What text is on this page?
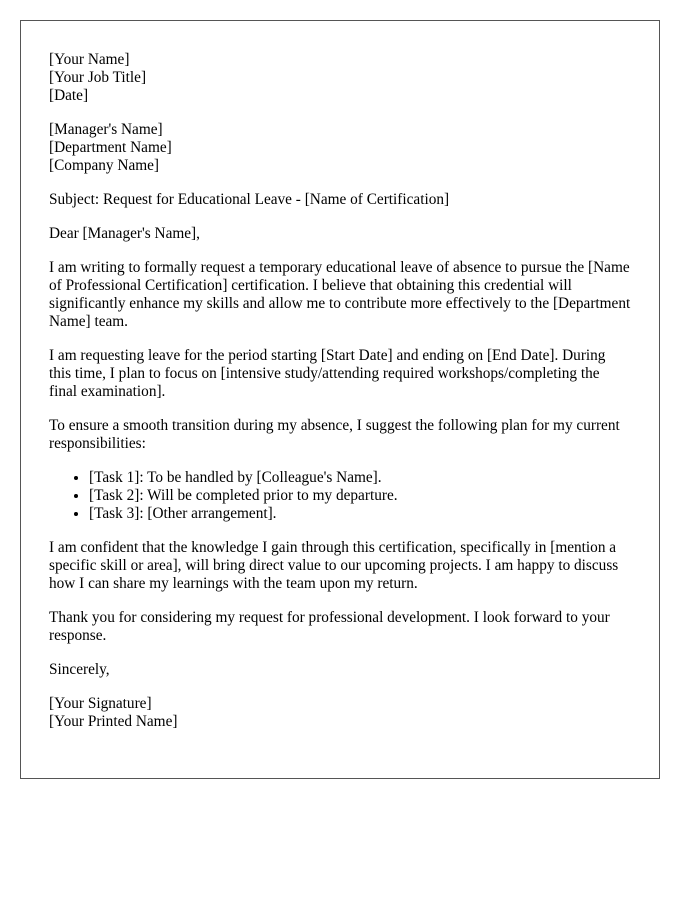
[Your Name]
[Your Job Title]
[Date]
[Manager's Name]
[Department Name]
[Company Name]

Subject: Request for Educational Leave - [Name of Certification]

Dear [Manager's Name],

I am writing to formally request a temporary educational leave of absence to pursue the [Name of Professional Certification] certification. I believe that obtaining this credential will significantly enhance my skills and allow me to contribute more effectively to the [Department Name] team.

I am requesting leave for the period starting [Start Date] and ending on [End Date]. During this time, I plan to focus on [intensive study/attending required workshops/completing the final examination].

To ensure a smooth transition during my absence, I suggest the following plan for my current responsibilities:

• [Task 1]: To be handled by [Colleague's Name].
• [Task 2]: Will be completed prior to my departure.
• [Task 3]: [Other arrangement].

I am confident that the knowledge I gain through this certification, specifically in [mention a specific skill or area], will bring direct value to our upcoming projects. I am happy to discuss how I can share my learnings with the team upon my return.

Thank you for considering my request for professional development. I look forward to your response.

Sincerely,

[Your Signature]
[Your Printed Name]
